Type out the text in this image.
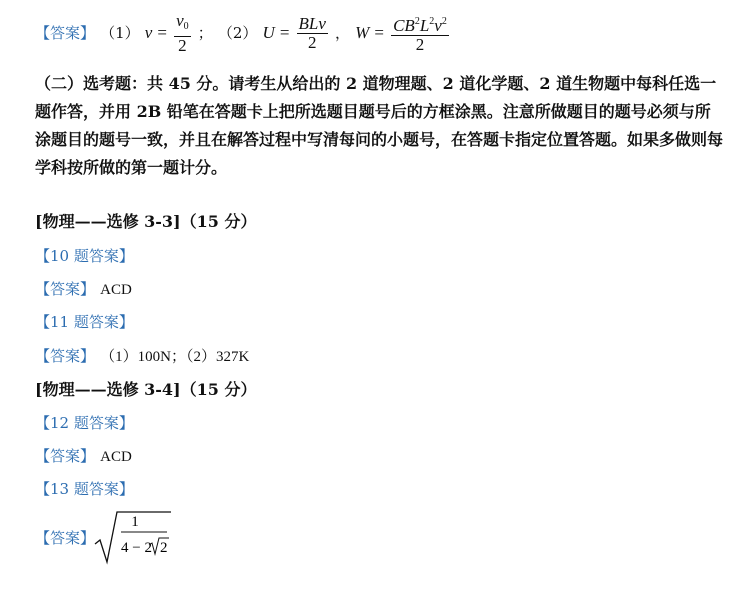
【答案】 （1） $v = \frac{v_0}{2}$ ； （2） $U = \frac{\text{BLv}}{2}$ ， $W = \frac{CB^2L^2v^2}{2}$
（二）选考题：共 45 分。请考生从给出的 2 道物理题、2 道化学题、2 道生物题中每科任选一题作答，并用 2B 铅笔在答题卡上把所选题目题号后的方框涂黑。注意所做题目的题号必须与所涂题目的题号一致，并且在解答过程中写清每问的小题号，在答题卡指定位置答题。如果多做则每学科按所做的第一题计分。
[物理——选修 3-3]（15 分）
【10 题答案】
【答案】 ACD
【11 题答案】
【答案】 （1）100N；（2）327K
[物理——选修 3-4]（15 分）
【12 题答案】
【答案】 ACD
【13 题答案】
【答案】
1
4 − 2 2
